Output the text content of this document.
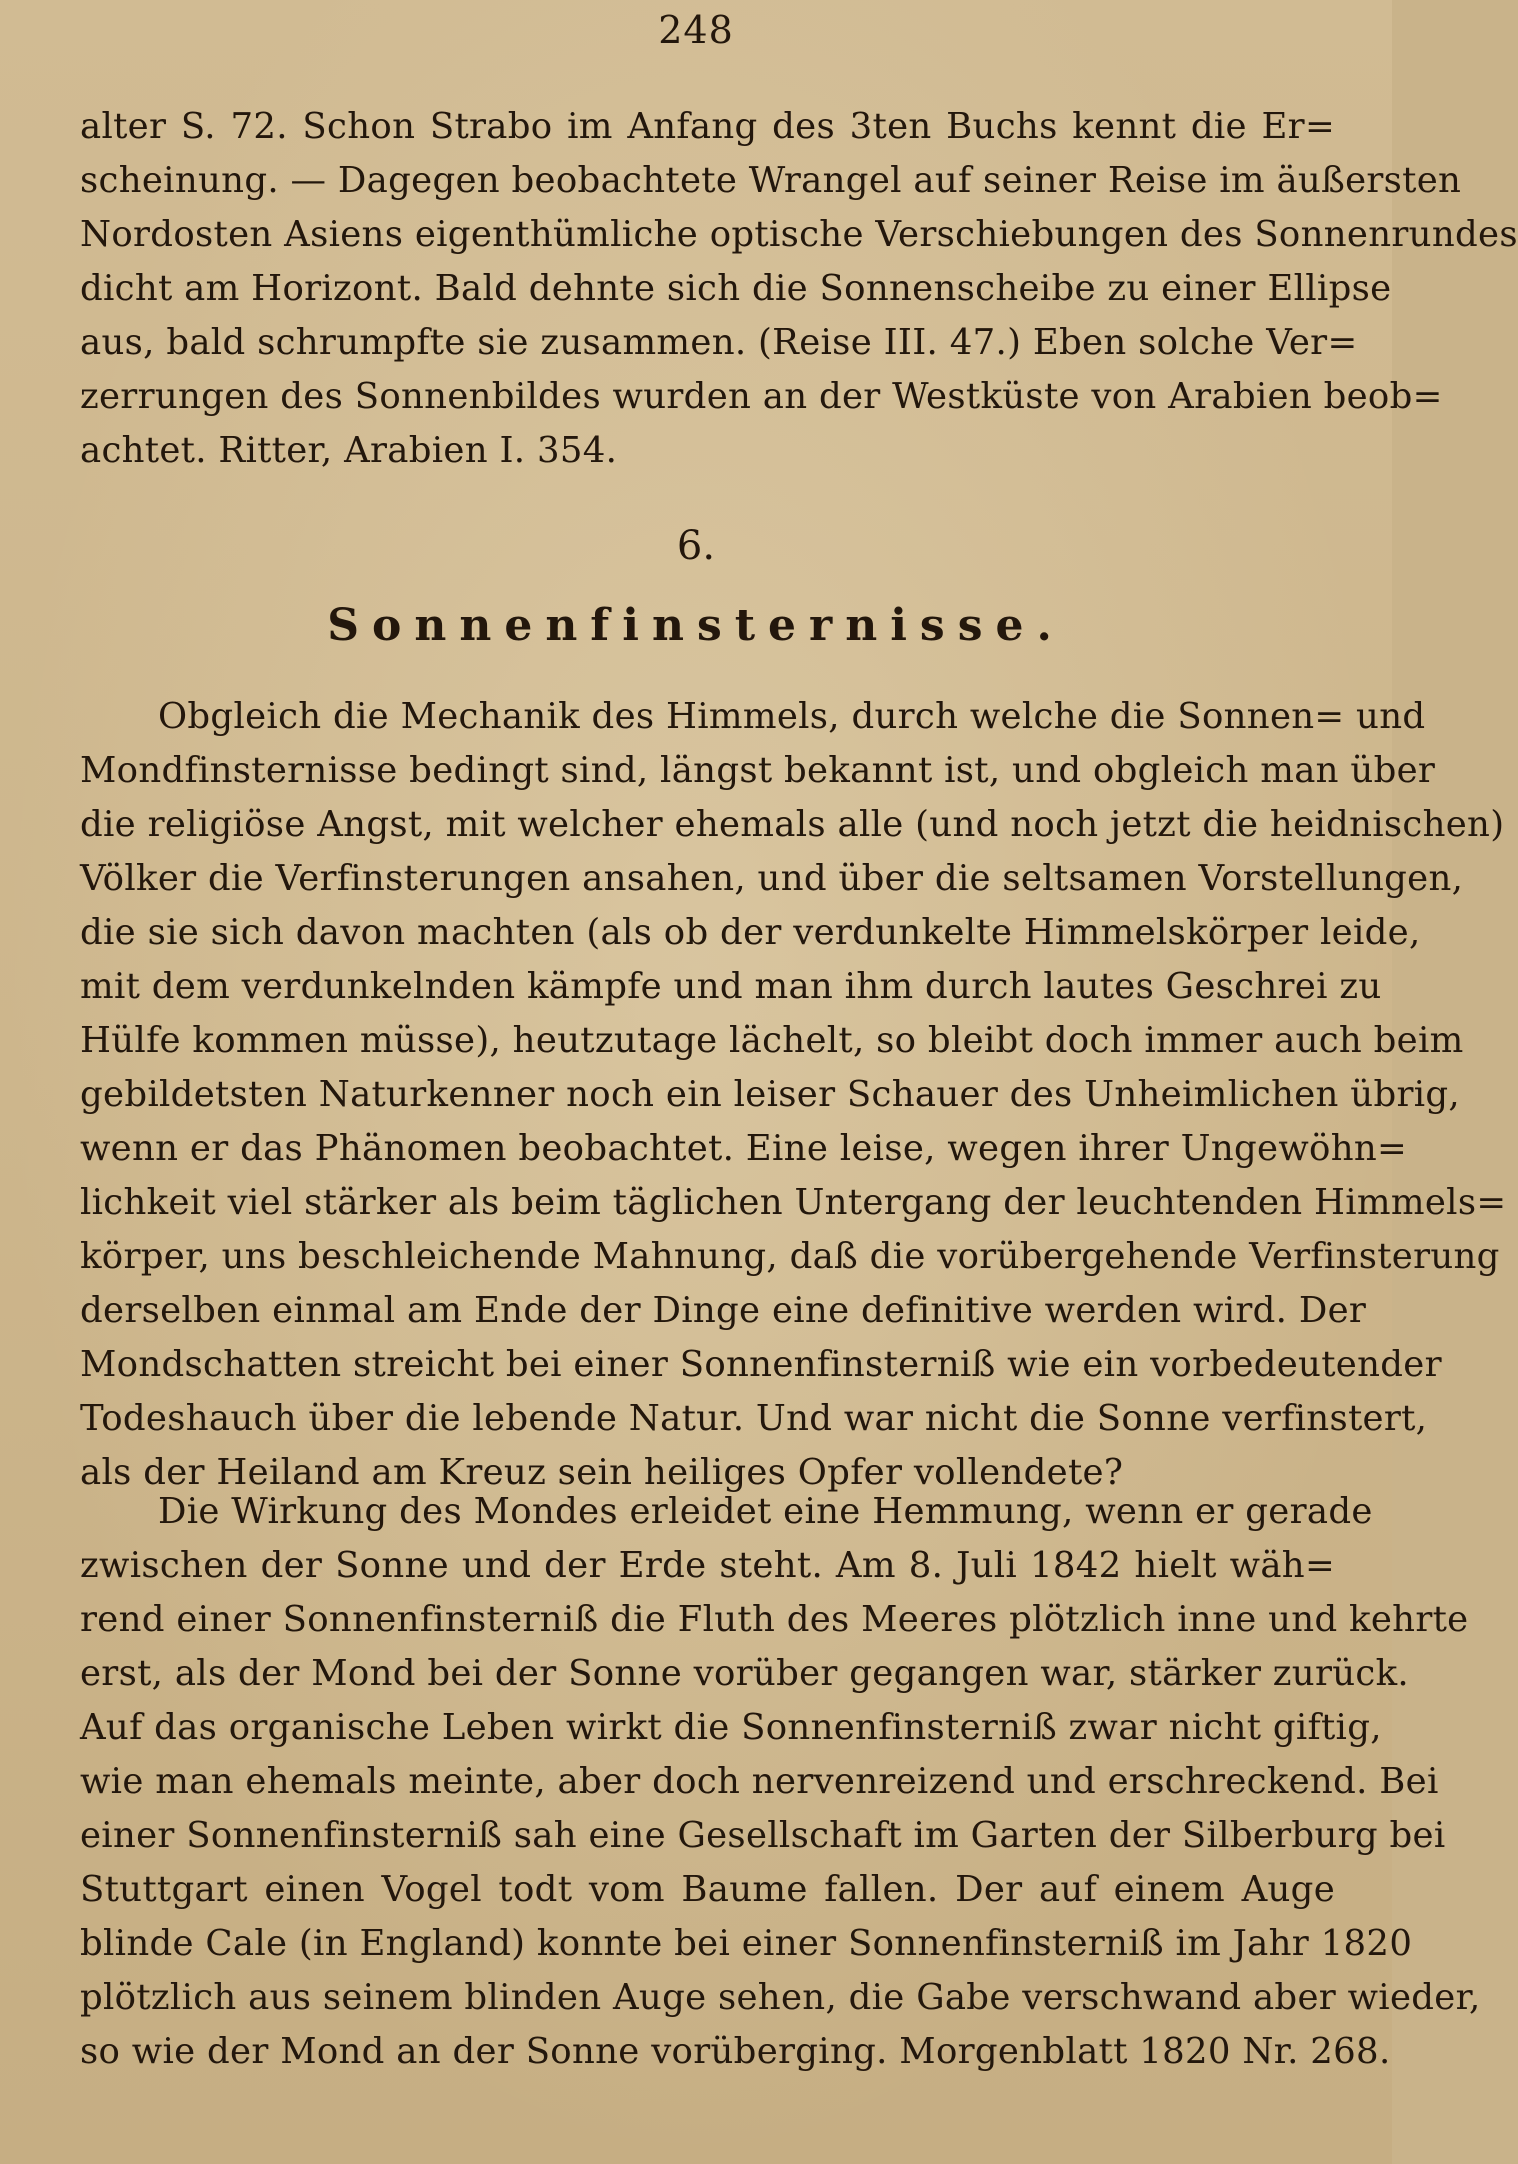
248
alter S. 72. Schon Strabo im Anfang des 3ten Buchs kennt die Er=
scheinung. — Dagegen beobachtete Wrangel auf seiner Reise im äußersten
Nordosten Asiens eigenthümliche optische Verschiebungen des Sonnenrundes
dicht am Horizont. Bald dehnte sich die Sonnenscheibe zu einer Ellipse
aus, bald schrumpfte sie zusammen. (Reise III. 47.) Eben solche Ver=
zerrungen des Sonnenbildes wurden an der Westküste von Arabien beob=
achtet. Ritter, Arabien I. 354.
6.
Sonnenfinsternisse.
Obgleich die Mechanik des Himmels, durch welche die Sonnen= und
Mondfinsternisse bedingt sind, längst bekannt ist, und obgleich man über
die religiöse Angst, mit welcher ehemals alle (und noch jetzt die heidnischen)
Völker die Verfinsterungen ansahen, und über die seltsamen Vorstellungen,
die sie sich davon machten (als ob der verdunkelte Himmelskörper leide,
mit dem verdunkelnden kämpfe und man ihm durch lautes Geschrei zu
Hülfe kommen müsse), heutzutage lächelt, so bleibt doch immer auch beim
gebildetsten Naturkenner noch ein leiser Schauer des Unheimlichen übrig,
wenn er das Phänomen beobachtet. Eine leise, wegen ihrer Ungewöhn=
lichkeit viel stärker als beim täglichen Untergang der leuchtenden Himmels=
körper, uns beschleichende Mahnung, daß die vorübergehende Verfinsterung
derselben einmal am Ende der Dinge eine definitive werden wird. Der
Mondschatten streicht bei einer Sonnenfinsterniß wie ein vorbedeutender
Todeshauch über die lebende Natur. Und war nicht die Sonne verfinstert,
als der Heiland am Kreuz sein heiliges Opfer vollendete?
Die Wirkung des Mondes erleidet eine Hemmung, wenn er gerade
zwischen der Sonne und der Erde steht. Am 8. Juli 1842 hielt wäh=
rend einer Sonnenfinsterniß die Fluth des Meeres plötzlich inne und kehrte
erst, als der Mond bei der Sonne vorüber gegangen war, stärker zurück.
Auf das organische Leben wirkt die Sonnenfinsterniß zwar nicht giftig,
wie man ehemals meinte, aber doch nervenreizend und erschreckend. Bei
einer Sonnenfinsterniß sah eine Gesellschaft im Garten der Silberburg bei
Stuttgart einen Vogel todt vom Baume fallen. Der auf einem Auge
blinde Cale (in England) konnte bei einer Sonnenfinsterniß im Jahr 1820
plötzlich aus seinem blinden Auge sehen, die Gabe verschwand aber wieder,
so wie der Mond an der Sonne vorüberging. Morgenblatt 1820 Nr. 268.
